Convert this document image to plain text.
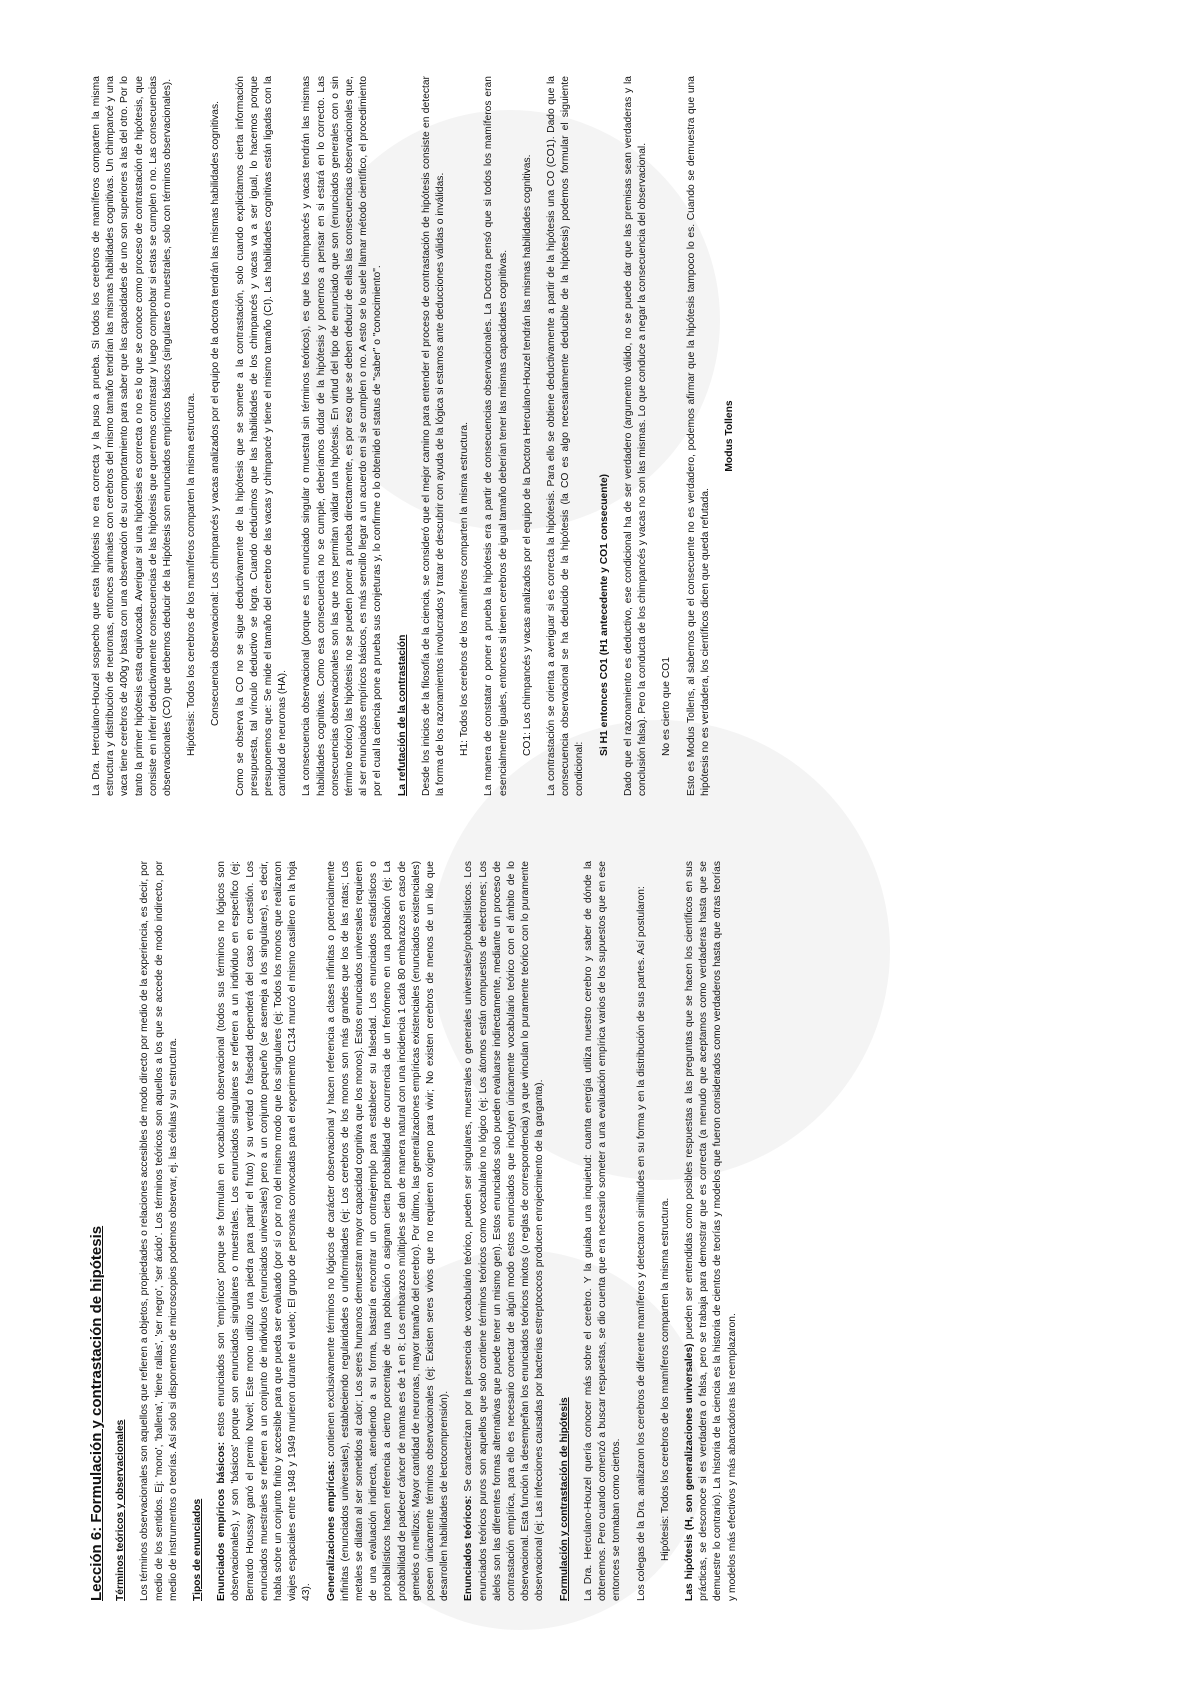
Lección 6: Formulación y contrastación de hipótesis Términos teóricos y observacionales Los términos observacionales son aquellos que refieren a objetos, propiedades o relaciones accesibles de modo directo por medio de la experiencia, es decir, por medio de los sentidos. Ej: 'mono', 'ballena', 'tiene rallas', 'ser negro', 'ser ácido'. Los términos teóricos son aquellos a los que se accede de modo indirecto, por medio de instrumentos o teorías. Así solo si disponemos de microscopios podemos observar, ej. las células y su estructura. Tipos de enunciados Enunciados empíricos básicos: estos enunciados son 'empíricos' porque se formulan en vocabulario observacional (todos sus términos no lógicos son observacionales), y son 'básicos' porque son enunciados singulares o muestrales. Los enunciados singulares se refieren a un individuo en específico (ej: Bernardo Houssay ganó el premio Novel; Este mono utilizo una piedra para partir el fruto) y su verdad o falsedad dependerá del caso en cuestión. Los enunciados muestrales se refieren a un conjunto de individuos (enunciados universales) pero a un conjunto pequeño (se asemeja a los singulares), es decir, habla sobre un conjunto finito y accesible para que pueda ser evaluado (por sí o por no) del mismo modo que los singulares (ej: Todos los monos que realizaron viajes espaciales entre 1948 y 1949 murieron durante el vuelo; El grupo de personas convocadas para el experimento C134 murcó el mismo casillero en la hoja 43). Generalizaciones empíricas: contienen exclusivamente términos no lógicos de carácter observacional y hacen referencia a clases infinitas o potencialmente infinitas (enunciados universales), estableciendo regularidades o uniformidades (ej: Los cerebros de los monos son más grandes que los de las ratas; Los metales se dilatan al ser sometidos al calor; Los seres humanos demuestran mayor capacidad cognitiva que los monos). Estos enunciados universales requieren de una evaluación indirecta, atendiendo a su forma, bastaría encontrar un contraejemplo para establecer su falsedad. Los enunciados estadísticos o probabilísticos hacen referencia a cierto porcentaje de una población o asignan cierta probabilidad de ocurrencia de un fenómeno en una población (ej: La probabilidad de padecer cáncer de mamas es de 1 en 8; Los embarazos múltiples se dan de manera natural con una incidencia 1 cada 80 embarazos en caso de gemelos o mellizos; Mayor cantidad de neuronas, mayor tamaño del cerebro). Por último, las generalizaciones empíricas existenciales (enunciados existenciales) poseen únicamente términos observacionales (ej: Existen seres vivos que no requieren oxígeno para vivir; No existen cerebros de menos de un kilo que desarrollen habilidades de lectocomprensión). Enunciados teóricos: Se caracterizan por la presencia de vocabulario teórico, pueden ser singulares, muestrales o generales universales/probabilísticos. Los enunciados teóricos puros son aquellos que solo contiene términos teóricos como vocabulario no lógico (ej: Los átomos están compuestos de electrones; Los alelos son las diferentes formas alternativas que puede tener un mismo gen). Estos enunciados solo pueden evaluarse indirectamente, mediante un proceso de contrastación empírica, para ello es necesario conectar de algún modo estos enunciados que incluyen únicamente vocabulario teórico con el ámbito de lo observacional. Esta función la desempeñan los enunciados teóricos mixtos (o reglas de correspondencia) ya que vinculan lo puramente teórico con lo puramente observacional (ej: Las infecciones causadas por bacterias estreptococos producen enrojecimiento de la garganta). Formulación y contrastación de hipótesis La Dra. Herculano-Houzel quería conocer más sobre el cerebro. Y la guiaba una inquietud: cuanta energía utiliza nuestro cerebro y saber de dónde la obtenemos. Pero cuando comenzó a buscar respuestas, se dio cuenta que era necesario someter a una evaluación empírica varios de los supuestos que en ese entonces se tomaban como ciertos. Los colegas de la Dra. analizaron los cerebros de diferente mamíferos y detectaron similitudes en su forma y en la distribución de sus partes. Así postularon: Hipótesis: Todos los cerebros de los mamíferos comparten la misma estructura. Las hipótesis (H, son generalizaciones universales) pueden ser entendidas como posibles respuestas a las preguntas que se hacen los científicos en sus prácticas, se desconoce si es verdadera o falsa, pero se trabaja para demostrar que es correcta (a menudo que aceptamos como verdaderas hasta que se demuestre lo contrario). La historia de la ciencia es la historia de cientos de teorías y modelos que fueron considerados como verdaderos hasta que otras teorías y modelos más efectivos y más abarcadoras las reemplazaron.

La Dra. Herculano-Houzel sospecho que esta hipótesis no era correcta y la puso a prueba. Si todos los cerebros de mamíferos comparten la misma estructura y distribución de neuronas, entonces animales con cerebros del mismo tamaño tendrían las mismas habilidades cognitivas. Un chimpancé y una vaca tiene cerebros de 400g y basta con una observación de su comportamiento para saber que las capacidades de uno son superiores a las del otro. Por lo tanto la primer hipótesis esta equivocada. Averiguar si una hipótesis es correcta o no es lo que se conoce como proceso de contrastación de hipótesis, que consiste en inferir deductivamente consecuencias de las hipótesis que queremos contrastar y luego comprobar si estas se cumplen o no. Las consecuencias observacionales (CO) que debemos deducir de la Hipótesis son enunciados empíricos básicos (singulares o muestrales, solo con términos observacionales). Hipótesis: Todos los cerebros de los mamíferos comparten la misma estructura. Consecuencia observacional: Los chimpancés y vacas analizados por el equipo de la doctora tendrán las mismas habilidades cognitivas. Como se observa la CO no se sigue deductivamente de la hipótesis que se somete a la contrastación, solo cuando explicitamos cierta información presupuesta, tal vínculo deductivo se logra. Cuando deducimos que las habilidades de los chimpancés y vacas va a ser igual, lo hacemos porque presuponemos que: Se mide el tamaño del cerebro de las vacas y chimpancé y tiene el mismo tamaño (CI). Las habilidades cognitivas están ligadas con la cantidad de neuronas (HA). La consecuencia observacional (porque es un enunciado singular o muestral sin términos teóricos), es que los chimpancés y vacas tendrán las mismas habilidades cognitivas. Como esa consecuencia no se cumple, deberíamos dudar de la hipótesis y ponernos a pensar en si estará en lo correcto. Las consecuencias observacionales son las que nos permitan validar una hipótesis. En virtud del tipo de enunciado que son (enunciados generales con o sin término teórico) las hipótesis no se pueden poner a prueba directamente, es por eso que se deben deducir de ellas las consecuencias observacionales que, al ser enunciados empíricos básicos, es más sencillo llegar a un acuerdo en si se cumplen o no. A esto se lo suele llamar método científico, el procedimiento por el cual la ciencia pone a prueba sus conjeturas y, lo confirme o lo obtenido el status de "saber" o "conocimiento". La refutación de la contrastación Desde los inicios de la filosofía de la ciencia, se consideró que el mejor camino para entender el proceso de contrastación de hipótesis consiste en detectar la forma de los razonamientos involucrados y tratar de descubrir con ayuda de la lógica si estamos ante deducciones válidas o inválidas. H1: Todos los cerebros de los mamíferos comparten la misma estructura. La manera de constatar o poner a prueba la hipótesis era a partir de consecuencias observacionales. La Doctora pensó que si todos los mamíferos eran esencialmente iguales, entonces si tienen cerebros de igual tamaño deberían tener las mismas capacidades cognitivas. CO1: Los chimpancés y vacas analizados por el equipo de la Doctora Herculano-Houzel tendrán las mismas habilidades cognitivas. La contrastación se orienta a averiguar si es correcta la hipótesis. Para ello se obtiene deductivamente a partir de la hipótesis una CO (CO1). Dado que la consecuencia observacional se ha deducido de la hipótesis (la CO es algo necesariamente deducible de la hipótesis) podemos formular el siguiente condicional:

Si H1 entonces CO1 (H1 antecedente y CO1 consecuente) Dado que el razonamiento es deductivo, ese condicional ha de ser verdadero (argumento válido, no se puede dar que las premisas sean verdaderas y la conclusión falsa). Pero la conducta de los chimpancés y vacas no son las mismas. Lo que conduce a negar la consecuencia del observacional. No es cierto que CO1 Esto es Modus Tollens, al sabernos que el consecuente no es verdadero, podemos afirmar que la hipótesis tampoco lo es. Cuando se demuestra que una hipótesis no es verdadera, los científicos dicen que queda refutada.

Modus Tollens
